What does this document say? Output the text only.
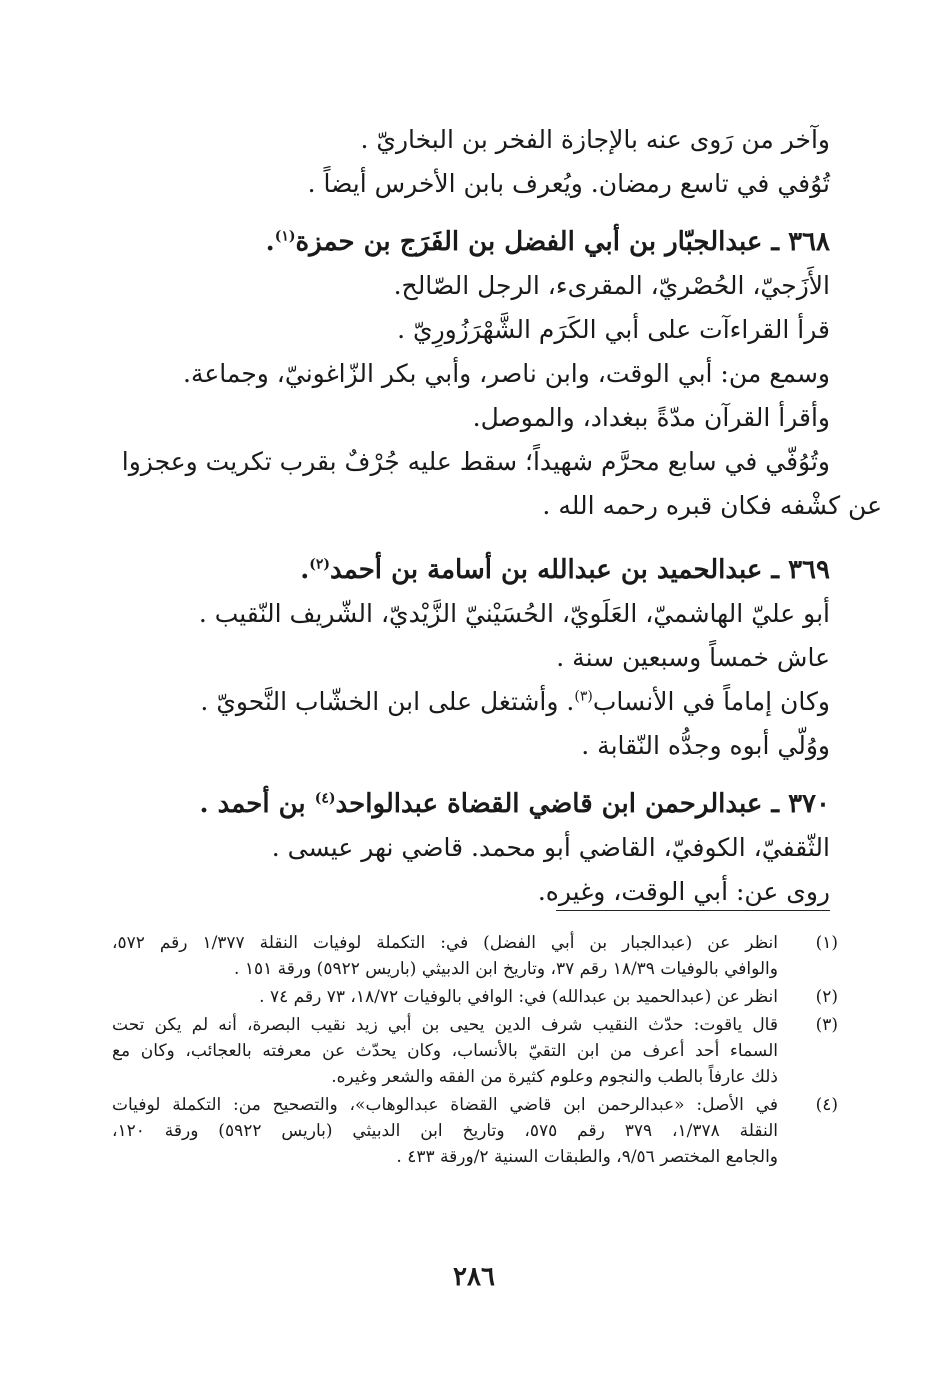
وآخر من رَوى عنه بالإجازة الفخر بن البخاريّ .

تُوُفي في تاسع رمضان. ويُعرف بابن الأخرس أيضاً .

٣٦٨ ـ عبدالجبّار بن أبي الفضل بن الفَرَج بن حمزة$^{(١)}$.

الأَزَجيّ، الحُصْريّ، المقرىء، الرجل الصّالح.

قرأ القراءآت على أبي الكَرَم الشَّهْرَزُورِيّ .

وسمع من: أبي الوقت، وابن ناصر، وأبي بكر الزّاغونيّ، وجماعة.

وأقرأ القرآن مدّةً ببغداد، والموصل.

وتُوُفّي في سابع محرَّم شهيداً؛ سقط عليه جُرْفٌ بقرب تكريت وعجزوا

عن كشْفه فكان قبره رحمه الله .

٣٦٩ ـ عبدالحميد بن عبدالله بن أسامة بن أحمد$^{(٢)}$.

أبو عليّ الهاشميّ، العَلَويّ، الحُسَيْنيّ الزَّيْديّ، الشّريف النّقيب .

عاش خمساً وسبعين سنة .

وكان إماماً في الأنساب$^{(٣)}$. وأشتغل على ابن الخشّاب النَّحويّ .

ووُلّي أبوه وجدُّه النّقابة .

٣٧٠ ـ عبدالرحمن ابن قاضي القضاة عبدالواحد$^{(٤)}$ بن أحمد .

الثّقفيّ، الكوفيّ، القاضي أبو محمد. قاضي نهر عيسى .

روى عن: أبي الوقت، وغيره.

(١)
انظر عن (عبدالجبار بن أبي الفضل) في: التكملة لوفيات النقلة ١/٣٧٧ رقم ٥٧٢،
والوافي بالوفيات ١٨/٣٩ رقم ٣٧، وتاريخ ابن الدبيثي (باريس ٥٩٢٢) ورقة ١٥١ .
(٢)
انظر عن (عبدالحميد بن عبدالله) في: الوافي بالوفيات ١٨/٧٢، ٧٣ رقم ٧٤ .
(٣)
قال ياقوت: حدّث النقيب شرف الدين يحيى بن أبي زيد نقيب البصرة، أنه لم يكن تحت
السماء أحد أعرف من ابن التقيّ بالأنساب، وكان يحدّث عن معرفته بالعجائب، وكان مع
ذلك عارفاً بالطب والنجوم وعلوم كثيرة من الفقه والشعر وغيره.
(٤)
في الأصل: «عبدالرحمن ابن قاضي القضاة عبدالوهاب»، والتصحيح من: التكملة لوفيات
النقلة ١/٣٧٨، ٣٧٩ رقم ٥٧٥، وتاريخ ابن الدبيثي (باريس ٥٩٢٢) ورقة ١٢٠،
والجامع المختصر ٩/٥٦، والطبقات السنية ٢/ورقة ٤٣٣ .
٢٨٦
